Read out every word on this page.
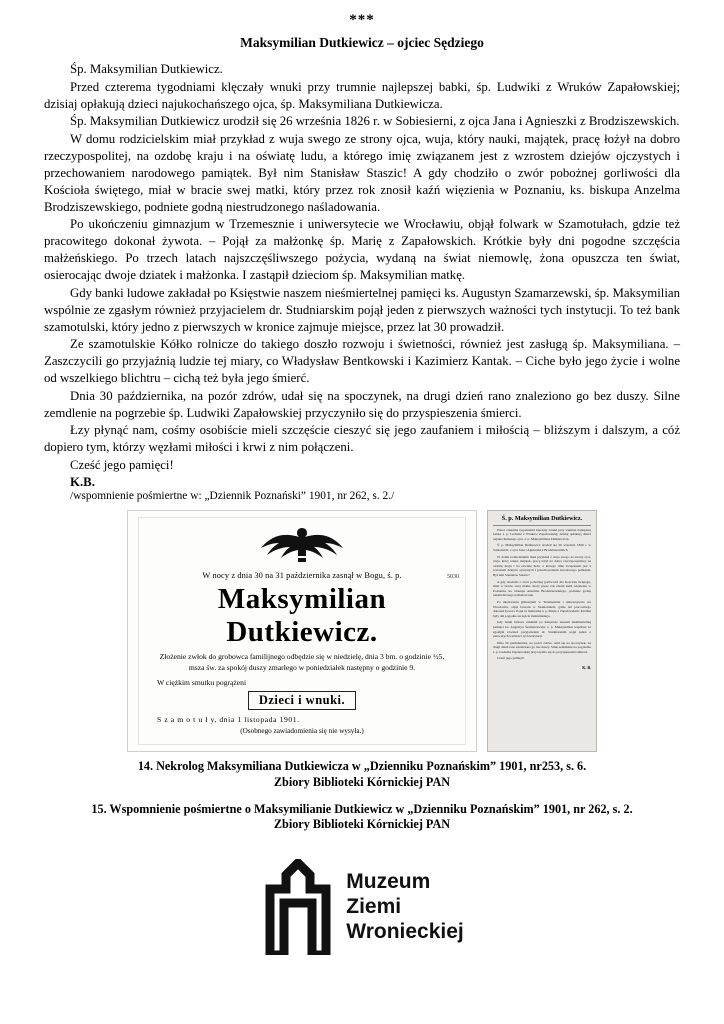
***
Maksymilian Dutkiewicz – ojciec Sędziego

Śp. Maksymilian Dutkiewicz.

Przed czterema tygodniami klęczały wnuki przy trumnie najlepszej babki, śp. Ludwiki z Wruków Zapałowskiej; dzisiaj opłakują dzieci najukochańszego ojca, śp. Maksymiliana Dutkiewicza.

Śp. Maksymilian Dutkiewicz urodził się 26 września 1826 r. w Sobiesierni, z ojca Jana i Agnieszki z Brodziszewskich.

W domu rodzicielskim miał przykład z wuja swego ze strony ojca, wuja, który nauki, majątek, pracę łożył na dobro rzeczypospolitej, na ozdobę kraju i na oświatę ludu, a którego imię związanem jest z wzrostem dziejów ojczystych i przechowaniem narodowego pamiątek. Był nim Stanisław Staszic! A gdy chodziło o zwór pobożnej gorliwości dla Kościoła świętego, miał w bracie swej matki, który przez rok znosił kaźń więzienia w Poznaniu, ks. biskupa Anzelma Brodziszewskiego, podniete godną niestrudzonego naśladowania.

Po ukończeniu gimnazjum w Trzemesznie i uniwersytecie we Wrocławiu, objął folwark w Szamotułach, gdzie też pracowitego dokonał żywota. – Pojął za małżonkę śp. Marię z Zapałowskich. Krótkie były dni pogodne szczęścia małżeńskiego. Po trzech latach najszczęśliwszego pożycia, wydaną na świat niemowlę, żona opuszcza ten świat, osierocając dwoje dziatek i małżonka. I zastąpił dzieciom śp. Maksymilian matkę.

Gdy banki ludowe zakładał po Księstwie naszem nieśmiertelnej pamięci ks. Augustyn Szamarzewski, śp. Maksymilian wspólnie ze zgasłym również przyjacielem dr. Studniarskim pojął jeden z pierwszych ważności tych instytucji. To też bank szamotulski, który jedno z pierwszych w kronice zajmuje miejsce, przez lat 30 prowadził.

Ze szamotulskie Kółko rolnicze do takiego doszło rozwoju i świetności, również jest zasługą śp. Maksymiliana. – Zaszczycili go przyjaźnią ludzie tej miary, co Władysław Bentkowski i Kazimierz Kantak. – Ciche było jego życie i wolne od wszelkiego blichtru – cichą też była jego śmierć.

Dnia 30 października, na pozór zdrów, udał się na spoczynek, na drugi dzień rano znaleziono go bez duszy. Silne zemdlenie na pogrzebie śp. Ludwiki Zapałowskiej przyczyniło się do przyspieszenia śmierci.

Łzy płynąć nam, cośmy osobiście mieli szczęście cieszyć się jego zaufaniem i miłością – bliższym i dalszym, a cóż dopiero tym, którzy węzłami miłości i krwi z nim połączeni.

Cześć jego pamięci!

K.B.

/wspomnienie pośmiertne w: „Dziennik Poznański” 1901, nr 262, s. 2./

5030
W nocy z dnia 30 na 31 października zasnął w Bogu, ś. p.
Maksymilian Dutkiewicz.
Złożenie zwłok do grobowca familijnego odbędzie się w niedzielę, dnia 3 bm. o godzinie ½5, msza św. za spokój duszy zmarłego w poniedziałek następny o godzinie 9.
W ciężkim smutku pogrążeni
Dzieci i wnuki.
S z a m o t u ł y, dnia 1 listopada 1901.
(Osobnego zawiadomienia się nie wysyła.)
Ś. p. Maksymilian Dutkiewicz.

Przed czterema tygodniami klęczały wnuki przy trumnie najlepszej babki, ś. p. Ludwiki z Wruków Zapałowskiej; dzisiaj opłakują dzieci najukochańszego ojca, ś. p. Maksymiliana Dutkiewicza.

Ś. p. Maksymilian Dutkiewicz urodził się 26 września 1826 r. w Sobiesierni, z ojca Jana i Agnieszki z Brodziszewskich.

W domu rodzicielskim miał przykład z wuja swego ze strony ojca, wuja, który nauki, majątek, pracę łożył na dobro rzeczypospolitej, na ozdobę kraju i na oświatę ludu, a którego imię związanem jest z wzrostem dziejów ojczystych i przechowaniem narodowego pamiątek. Był nim Stanisław Staszic!

A gdy chodziło o zwór pobożnej gorliwości dla Kościoła świętego, miał w bracie swej matki, który przez rok znosił kaźń więzienia w Poznaniu, ks. biskupa Anzelma Brodziszewskiego, podniete godną niestrudzonego naśladowania.

Po ukończeniu gimnazjum w Trzemesznie i uniwersytecie we Wrocławiu, objął folwark w Szamotułach, gdzie też pracowitego dokonał żywota. Pojął za małżonkę ś. p. Marię z Zapałowskich. Krótkie były dni pogodne szczęścia małżeńskiego.

Gdy banki ludowe zakładał po Księstwie naszem nieśmiertelnej pamięci ks. Augustyn Szamarzewski, ś. p. Maksymilian wspólnie ze zgasłym również przyjacielem dr. Studniarskim pojął jeden z pierwszych ważności tych instytucji.

Dnia 30 października, na pozór zdrów, udał się na spoczynek, na drugi dzień rano znaleziono go bez duszy. Silne zemdlenie na pogrzebie ś. p. Ludwiki Zapałowskiej przyczyniło się do przyspieszenia śmierci.

Cześć jego pamięci!

K. B.
14. Nekrolog Maksymiliana Dutkiewicza w „Dzienniku Poznańskim” 1901, nr253, s. 6.
Zbiory Biblioteki Kórnickiej PAN
15. Wspomnienie pośmiertne o Maksymilianie Dutkiewicz w „Dzienniku Poznańskim” 1901, nr 262, s. 2.
Zbiory Biblioteki Kórnickiej PAN
Muzeum
Ziemi
Wronieckiej
